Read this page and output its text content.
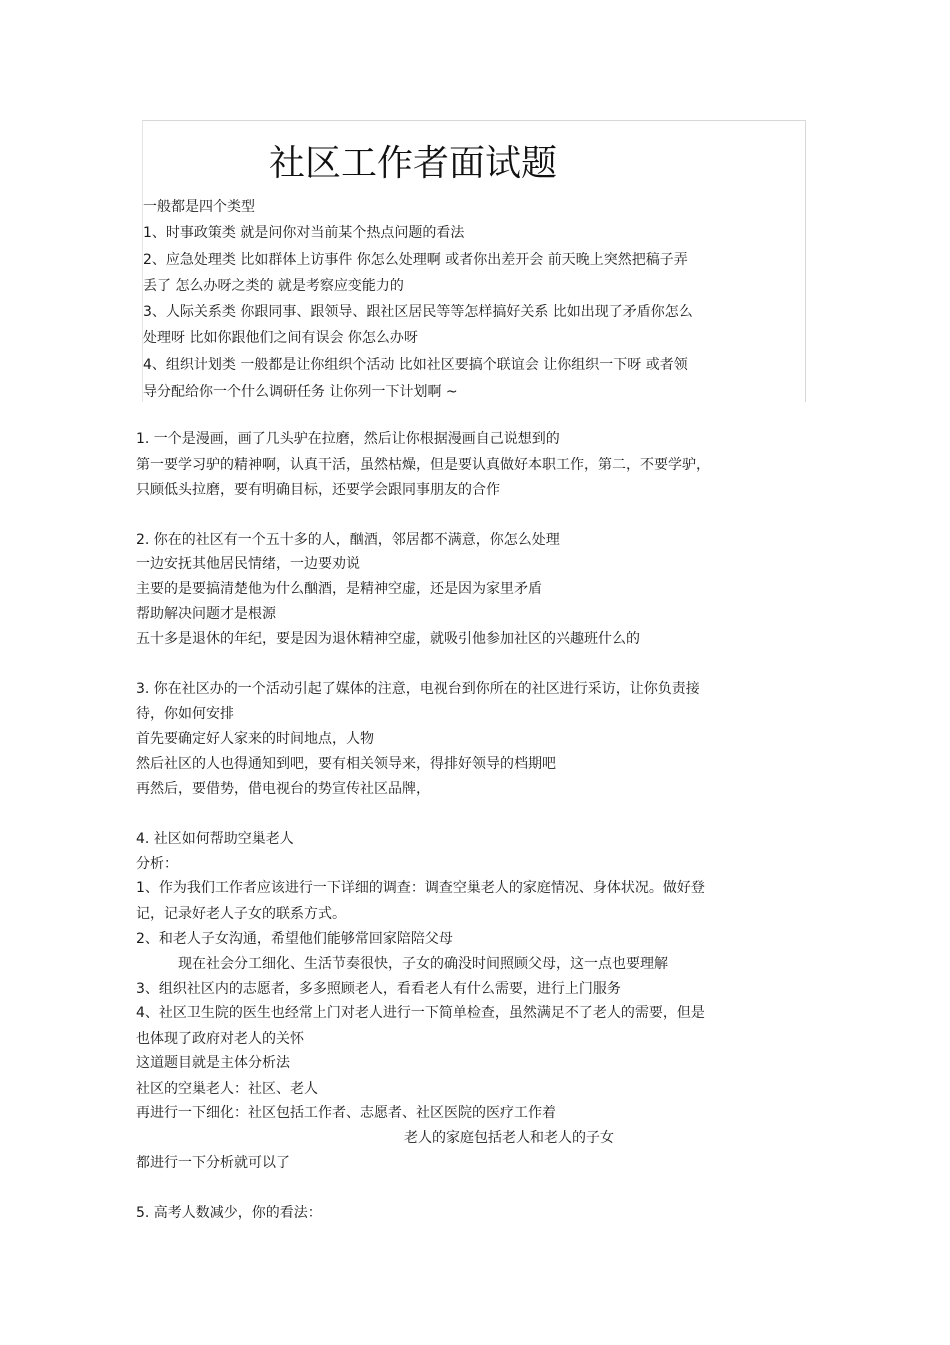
社区工作者面试题
一般都是四个类型
1、时事政策类 就是问你对当前某个热点问题的看法
2、应急处理类 比如群体上访事件 你怎么处理啊 或者你出差开会 前天晚上突然把稿子弄
丢了 怎么办呀之类的 就是考察应变能力的
3、人际关系类 你跟同事、跟领导、跟社区居民等等怎样搞好关系 比如出现了矛盾你怎么
处理呀 比如你跟他们之间有误会 你怎么办呀
4、组织计划类 一般都是让你组织个活动 比如社区要搞个联谊会 让你组织一下呀 或者领
导分配给你一个什么调研任务 让你列一下计划啊 ~
1. 一个是漫画，画了几头驴在拉磨，然后让你根据漫画自己说想到的
第一要学习驴的精神啊，认真干活，虽然枯燥，但是要认真做好本职工作，第二，不要学驴，
只顾低头拉磨，要有明确目标，还要学会跟同事朋友的合作
2. 你在的社区有一个五十多的人，酗酒，邻居都不满意，你怎么处理
一边安抚其他居民情绪，一边要劝说
主要的是要搞清楚他为什么酗酒，是精神空虚，还是因为家里矛盾
帮助解决问题才是根源
五十多是退休的年纪，要是因为退休精神空虚，就吸引他参加社区的兴趣班什么的
3. 你在社区办的一个活动引起了媒体的注意，电视台到你所在的社区进行采访，让你负责接
待，你如何安排
首先要确定好人家来的时间地点，人物
然后社区的人也得通知到吧，要有相关领导来，得排好领导的档期吧
再然后，要借势，借电视台的势宣传社区品牌，
4. 社区如何帮助空巢老人
分析：
1、作为我们工作者应该进行一下详细的调查：调查空巢老人的家庭情况、身体状况。做好登
记，记录好老人子女的联系方式。
2、和老人子女沟通，希望他们能够常回家陪陪父母
现在社会分工细化、生活节奏很快，子女的确没时间照顾父母，这一点也要理解
3、组织社区内的志愿者，多多照顾老人，看看老人有什么需要，进行上门服务
4、社区卫生院的医生也经常上门对老人进行一下简单检查，虽然满足不了老人的需要，但是
也体现了政府对老人的关怀
这道题目就是主体分析法
社区的空巢老人：社区、老人
再进行一下细化：社区包括工作者、志愿者、社区医院的医疗工作着
老人的家庭包括老人和老人的子女
都进行一下分析就可以了
5. 高考人数减少，你的看法：
